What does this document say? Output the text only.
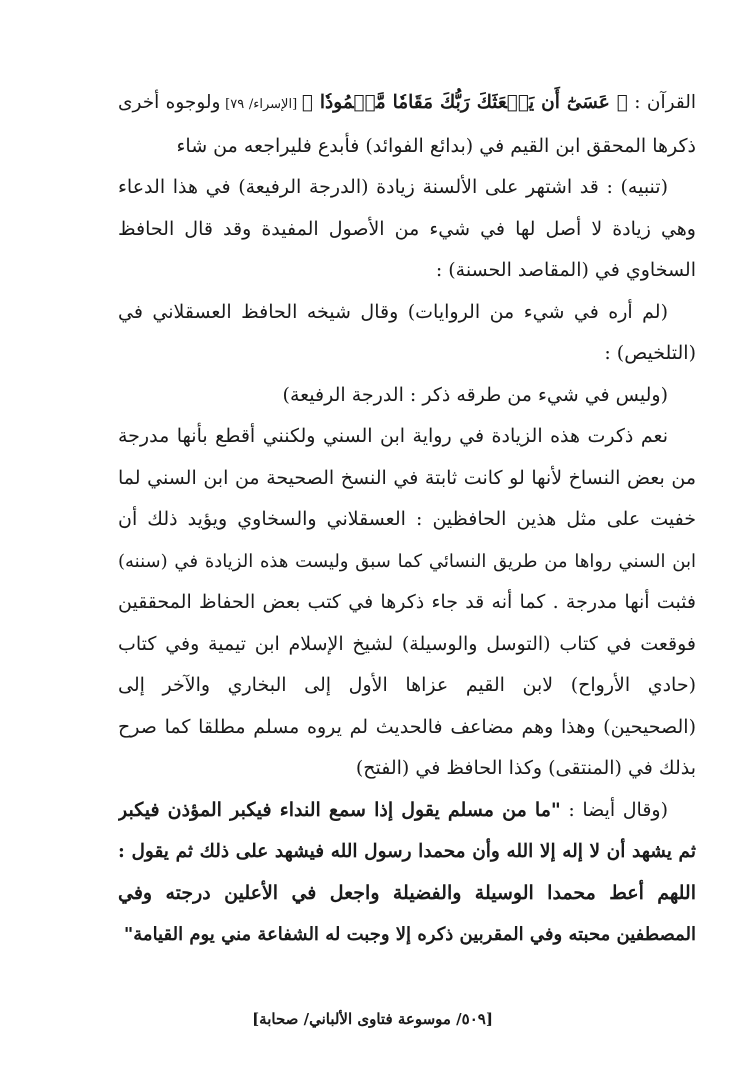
القرآن : ﴿ عَسَىٰٓ أَن يَبۡعَثَكَ رَبُّكَ مَقَامٗا مَّحۡمُودٗا ﴾ [الإسراء/ ٧٩] ولوجوه أخرى
ذكرها المحقق ابن القيم في (بدائع الفوائد) فأبدع فليراجعه من شاء
(تنبيه) : قد اشتهر على الألسنة زيادة (الدرجة الرفيعة) في هذا الدعاء
وهي زيادة لا أصل لها في شيء من الأصول المفيدة وقد قال الحافظ
السخاوي في (المقاصد الحسنة) :
(لم أره في شيء من الروايات) وقال شيخه الحافظ العسقلاني في
(التلخيص) :
(وليس في شيء من طرقه ذكر : الدرجة الرفيعة)
نعم ذكرت هذه الزيادة في رواية ابن السني ولكنني أقطع بأنها مدرجة
من بعض النساخ لأنها لو كانت ثابتة في النسخ الصحيحة من ابن السني لما
خفيت على مثل هذين الحافظين : العسقلاني والسخاوي ويؤيد ذلك أن
ابن السني رواها من طريق النسائي كما سبق وليست هذه الزيادة في (سننه)
فثبت أنها مدرجة . كما أنه قد جاء ذكرها في كتب بعض الحفاظ المحققين
فوقعت في كتاب (التوسل والوسيلة) لشيخ الإسلام ابن تيمية وفي كتاب
(حادي الأرواح) لابن القيم عزاها الأول إلى البخاري والآخر إلى
(الصحيحين) وهذا وهم مضاعف فالحديث لم يروه مسلم مطلقا كما صرح
بذلك في (المنتقى) وكذا الحافظ في (الفتح)
(وقال أيضا : "ما من مسلم يقول إذا سمع النداء فيكبر المؤذن فيكبر
ثم يشهد أن لا إله إلا الله وأن محمدا رسول الله فيشهد على ذلك ثم يقول :
اللهم أعط محمدا الوسيلة والفضيلة واجعل في الأعلين درجته وفي
المصطفين محبته وفي المقربين ذكره إلا وجبت له الشفاعة مني يوم القيامة"
[٥٠٩/ موسوعة فتاوى الألباني/ صحابة]
